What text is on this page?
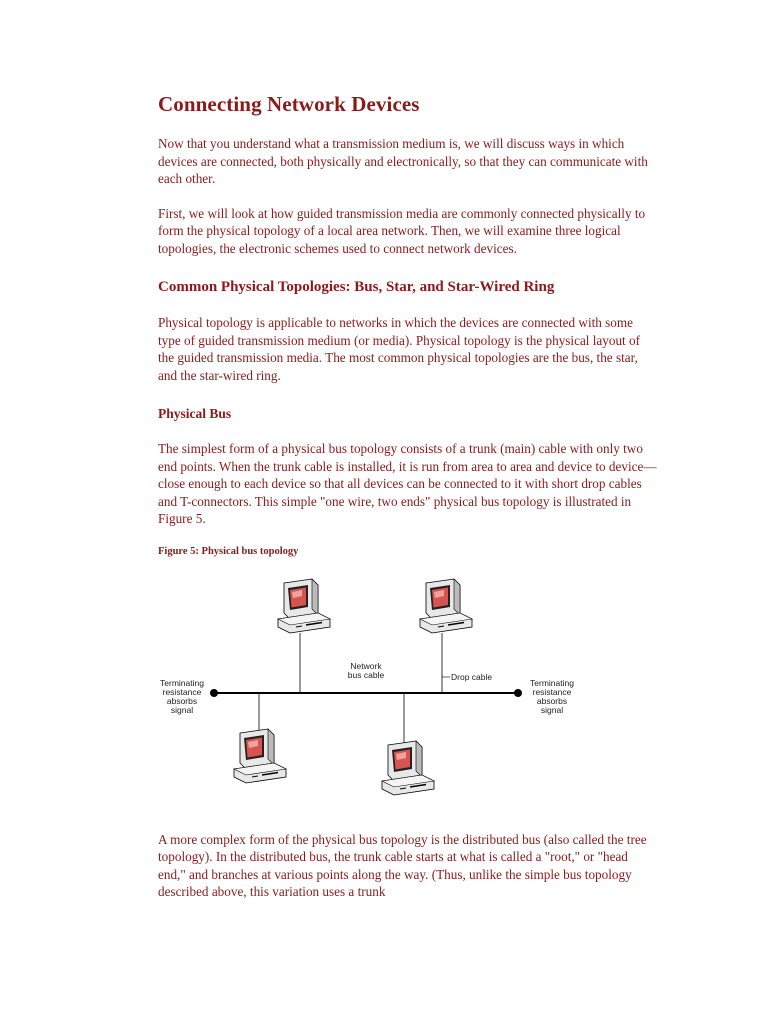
Connecting Network Devices

Now that you understand what a transmission medium is, we will discuss ways in which devices are connected, both physically and electronically, so that they can communicate with each other.

First, we will look at how guided transmission media are commonly connected physically to form the physical topology of a local area network. Then, we will examine three logical topologies, the electronic schemes used to connect network devices.

Common Physical Topologies: Bus, Star, and Star-Wired Ring

Physical topology is applicable to networks in which the devices are connected with some type of guided transmission medium (or media). Physical topology is the physical layout of the guided transmission media. The most common physical topologies are the bus, the star, and the star-wired ring.

Physical Bus

The simplest form of a physical bus topology consists of a trunk (main) cable with only two end points. When the trunk cable is installed, it is run from area to area and device to device—close enough to each device so that all devices can be connected to it with short drop cables and T-connectors. This simple "one wire, two ends" physical bus topology is illustrated in Figure 5.

Figure 5: Physical bus topology
Drop cable
Network
bus cable
Terminating
resistance
absorbs
signal
Terminating
resistance
absorbs
signal

A more complex form of the physical bus topology is the distributed bus (also called the tree topology). In the distributed bus, the trunk cable starts at what is called a "root," or "head end," and branches at various points along the way. (Thus, unlike the simple bus topology described above, this variation uses a trunk
